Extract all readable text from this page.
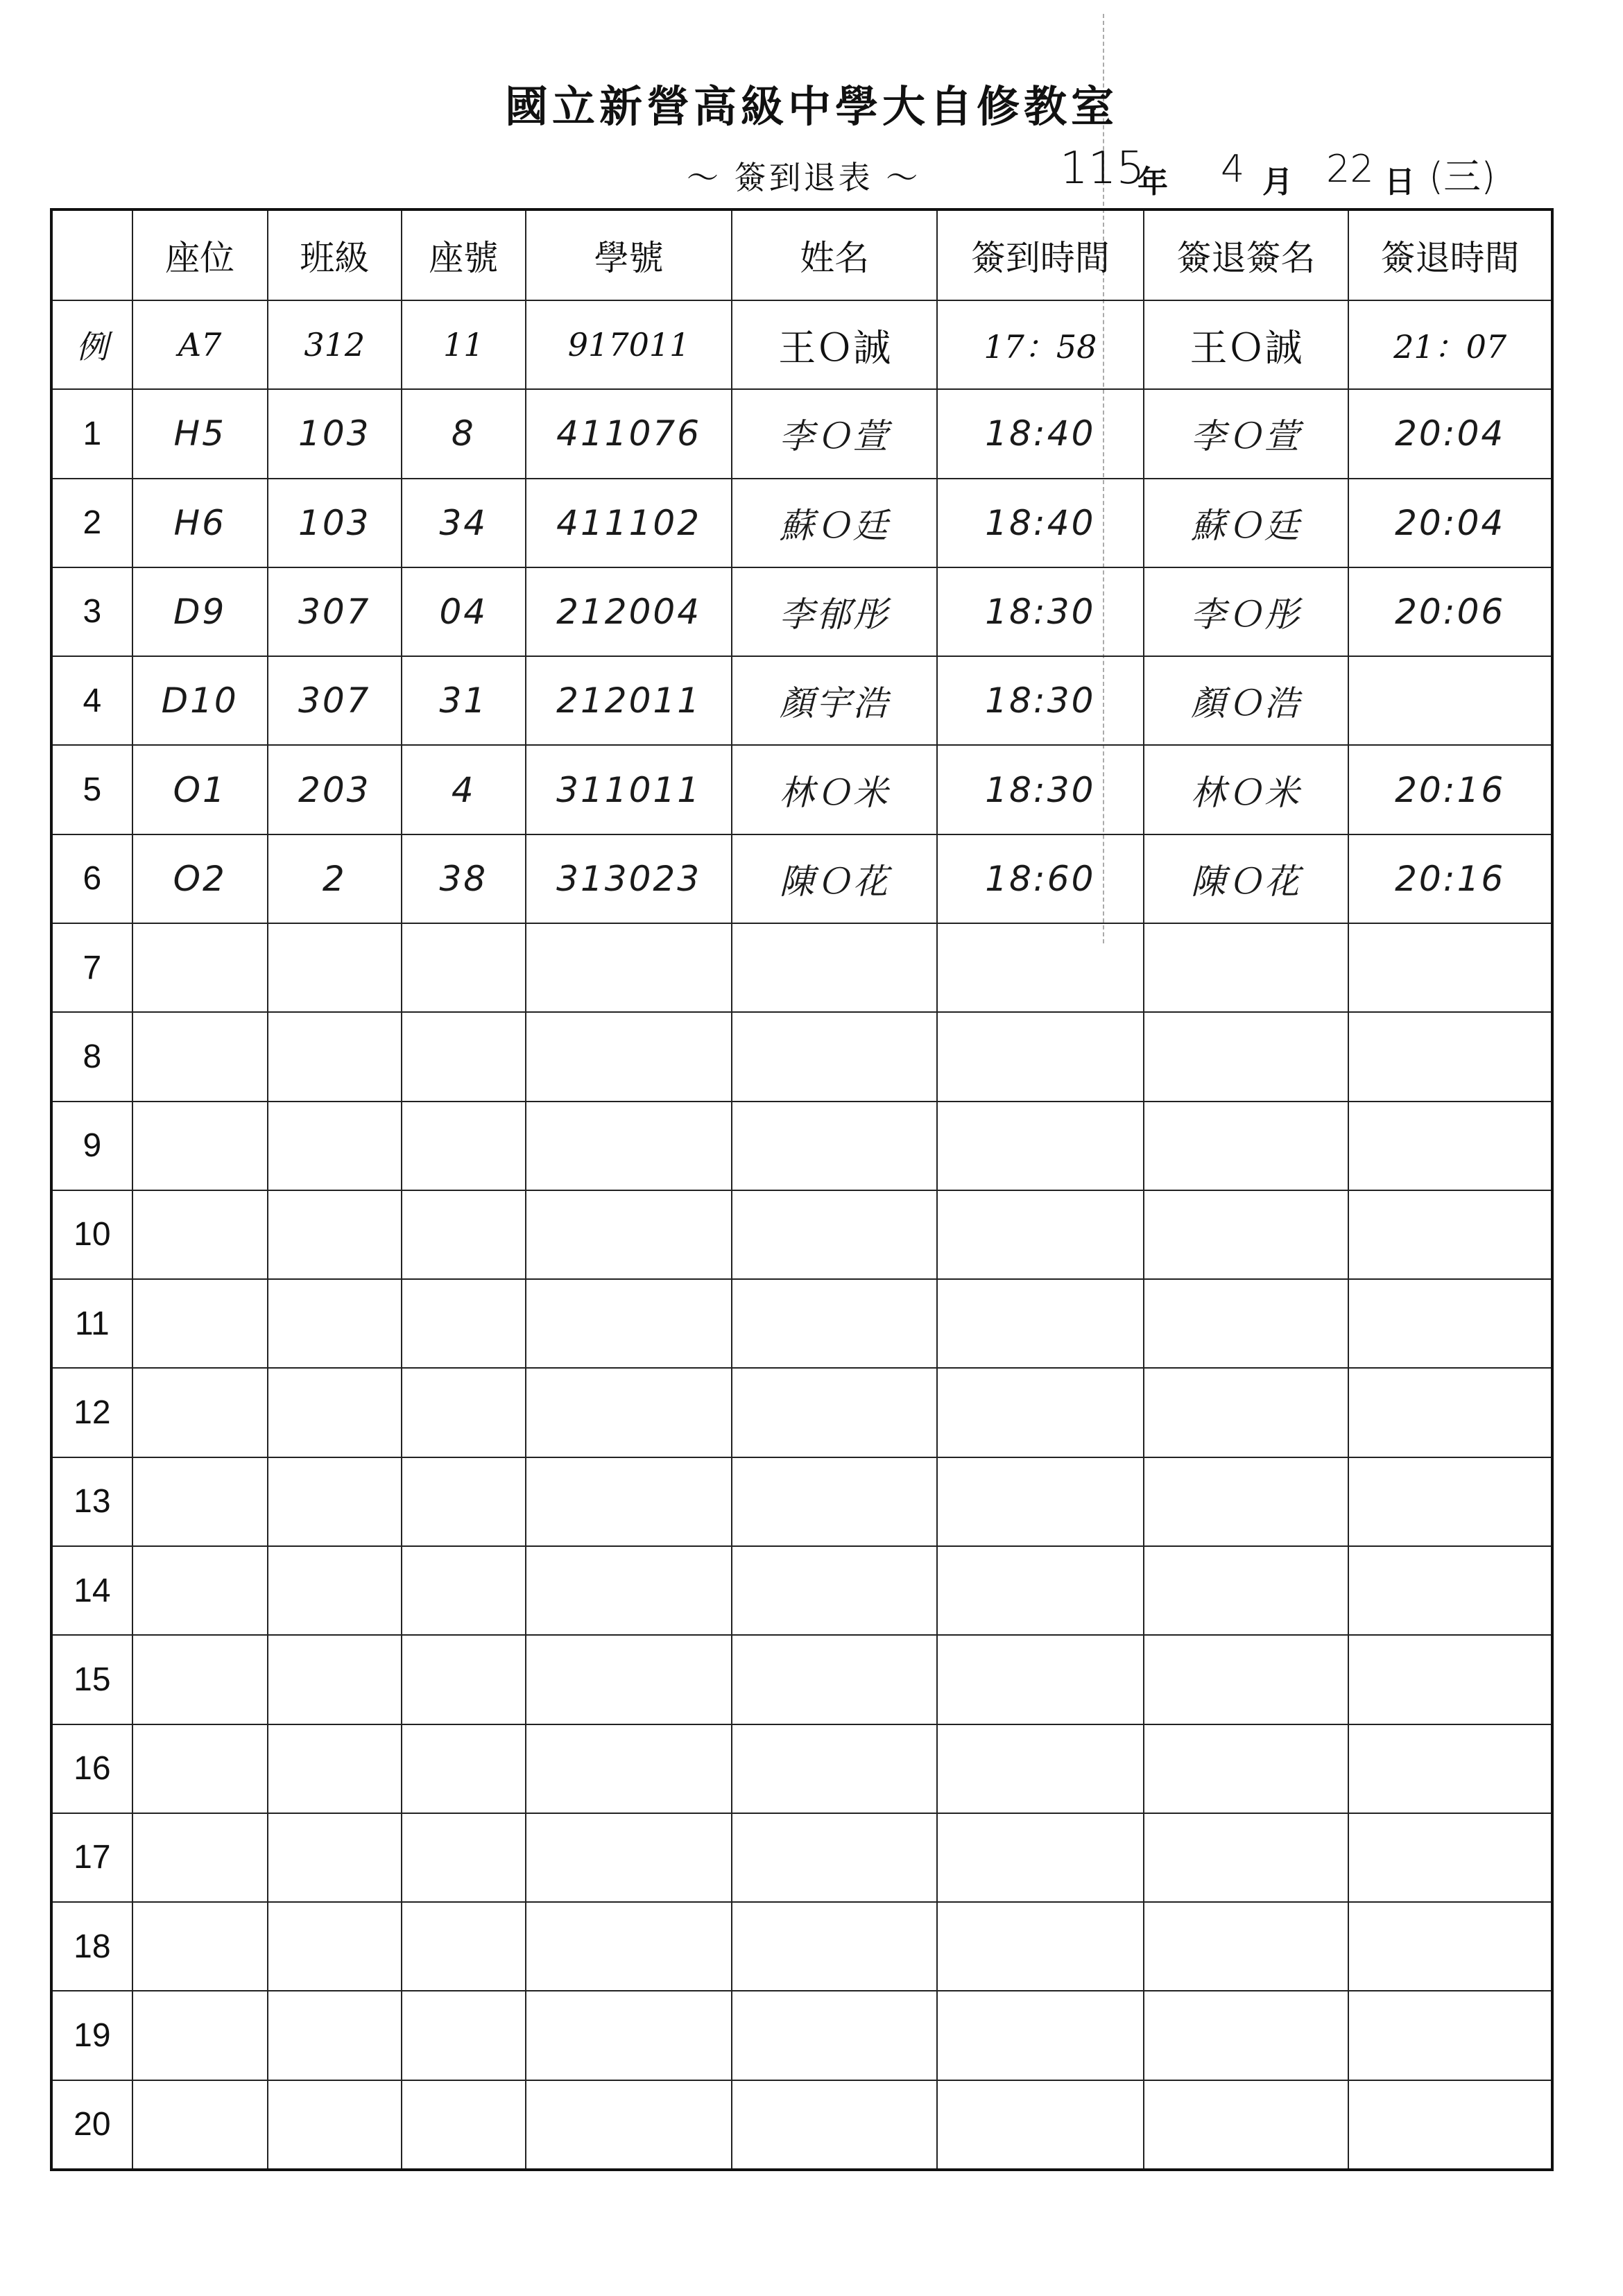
國立新營高級中學大自修教室
～ 簽到退表 ～	115
年 4 月 22 日 (三)
	座位	班級	座號	學號	姓名	簽到時間	簽退簽名	簽退時間
例	A7	312	11	917011	王Ｏ誠	17：58	王Ｏ誠	21：07
1	H5	103	8	411076	李Ｏ萱	18:40	李Ｏ萱	20:04
2	H6	103	34	411102	蘇Ｏ廷	18:40	蘇Ｏ廷	20:04
3	D9	307	04	212004	李郁彤	18:30	李Ｏ彤	20:06
4	D10	307	31	212011	顏宇浩	18:30	顏Ｏ浩	
5	O1	203	4	311011	林Ｏ米	18:30	林Ｏ米	20:16
6	O2	2	38	313023	陳Ｏ花	18:60	陳Ｏ花	20:16
7								
8								
9								
10								
11								
12								
13								
14								
15								
16								
17								
18								
19								
20								
